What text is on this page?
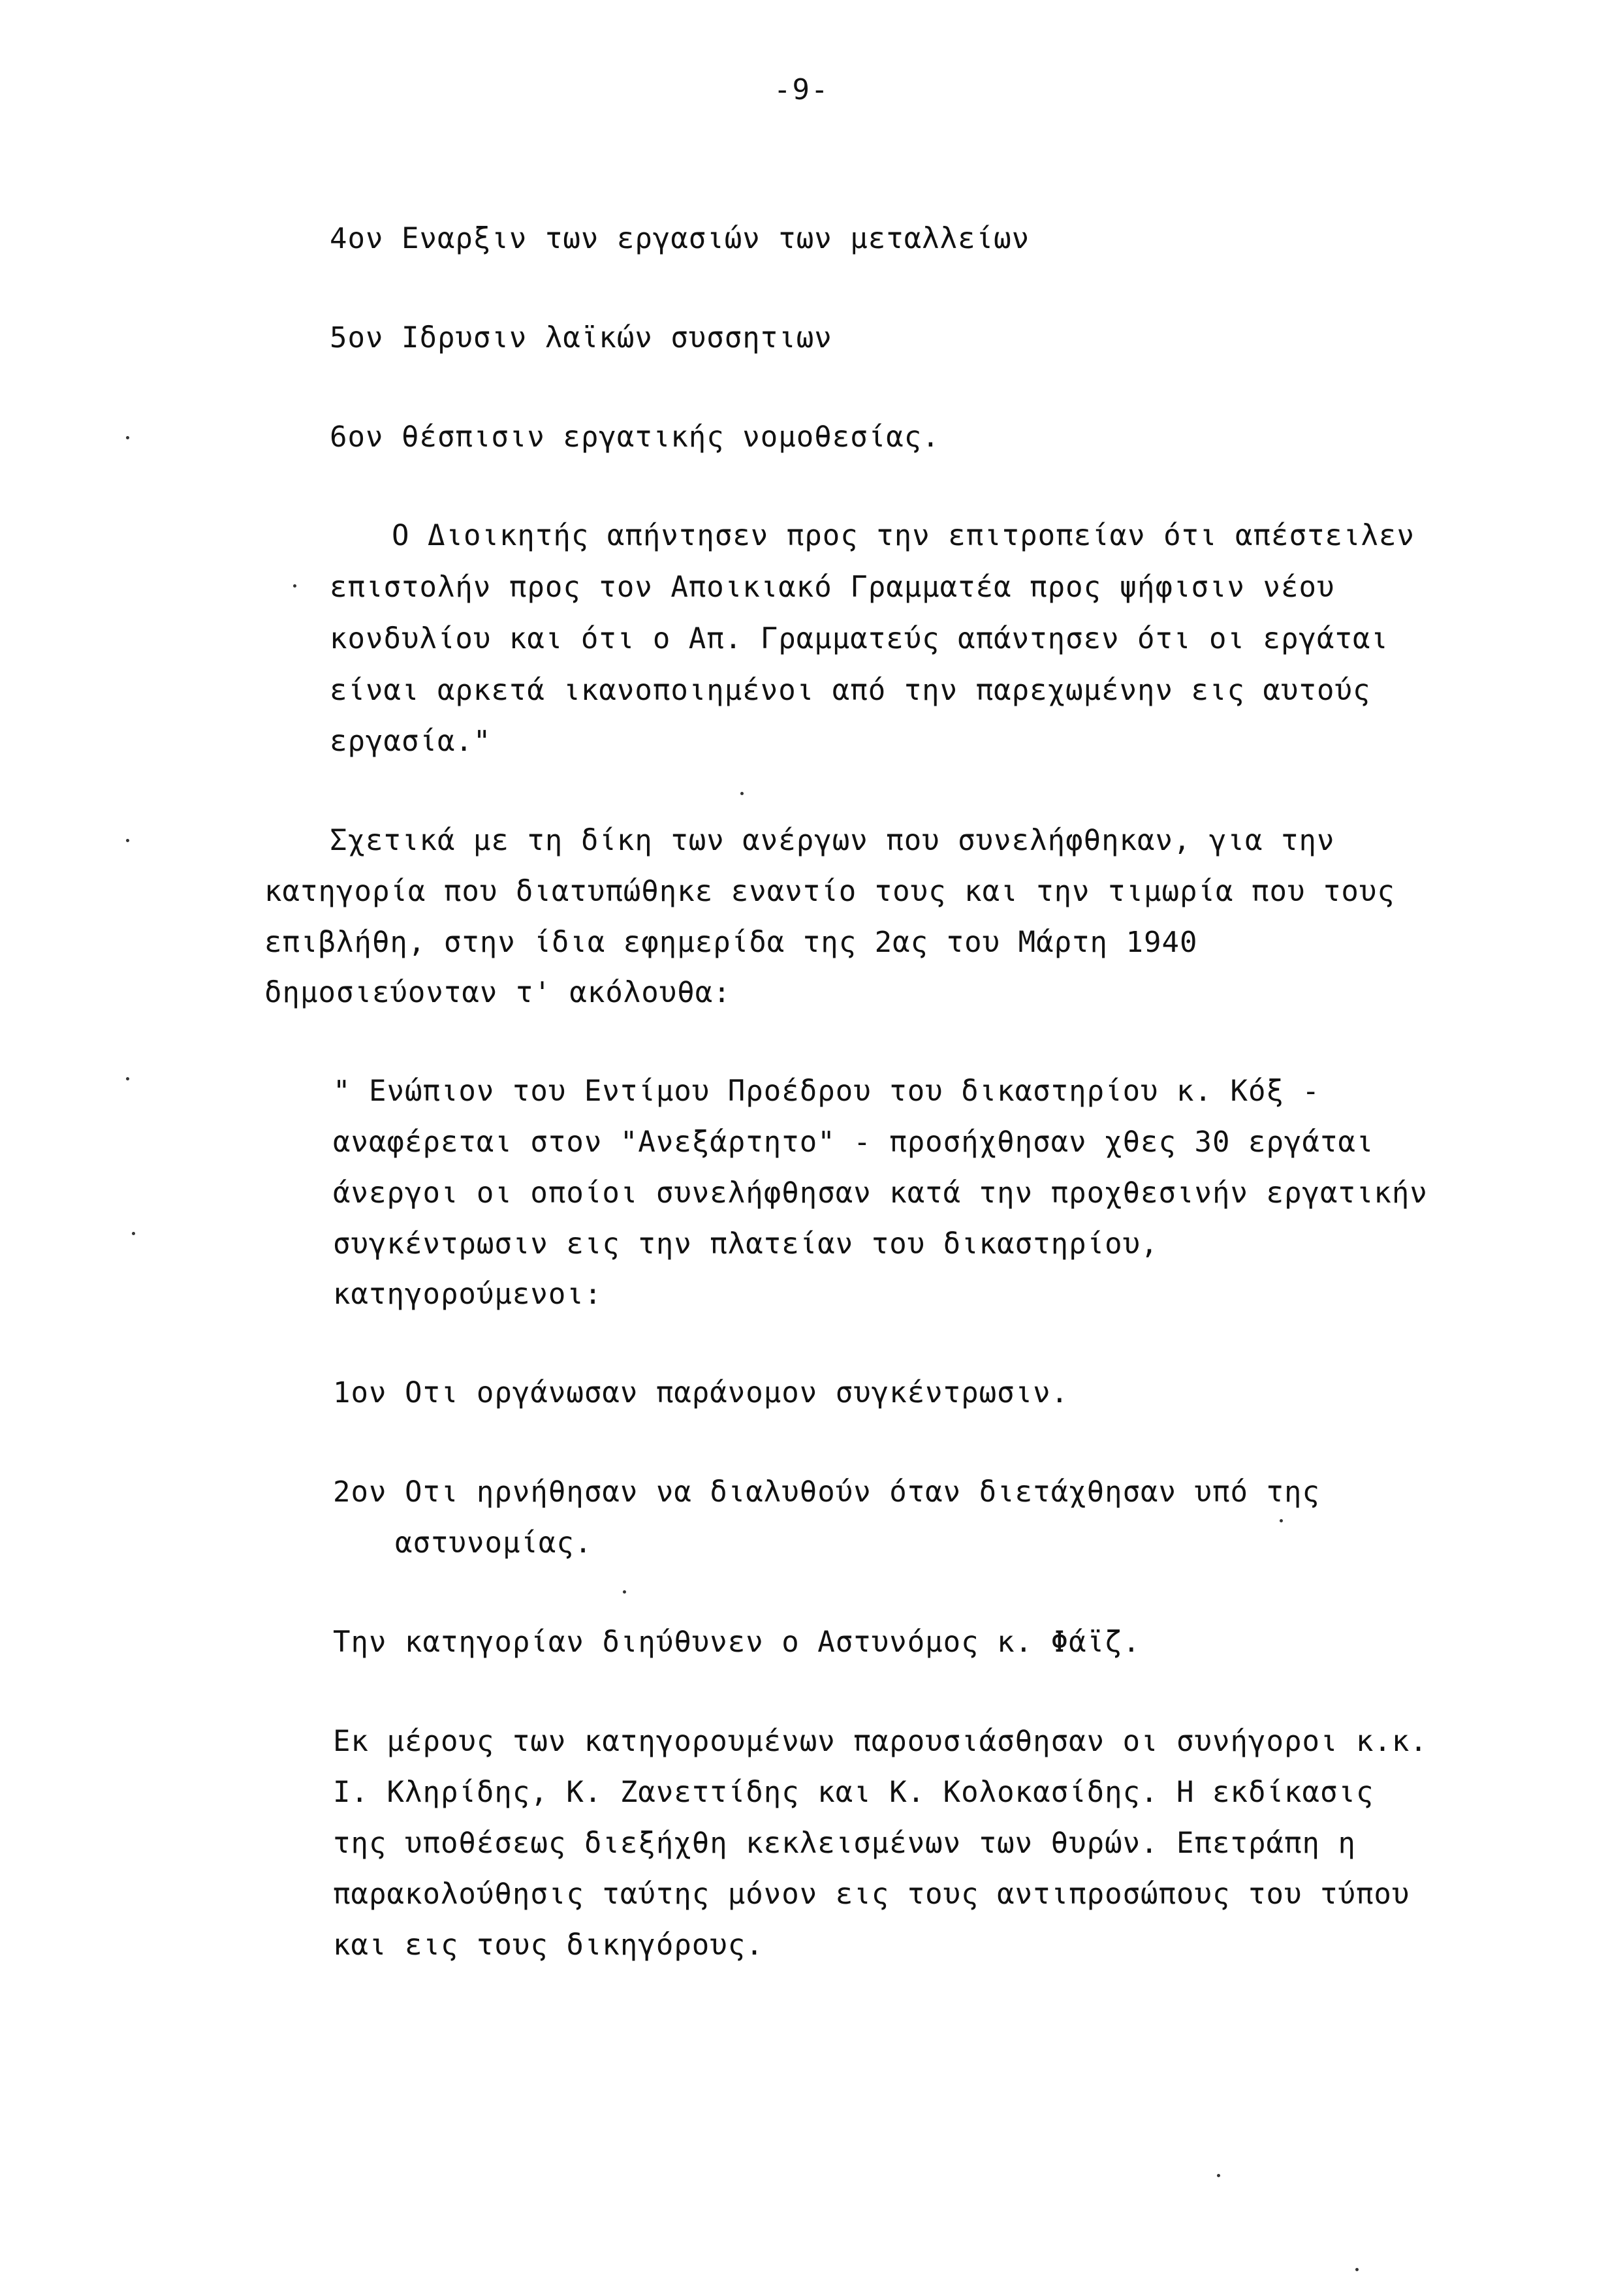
-9-
4ον Εναρξιν των εργασιών των μεταλλείων
5ον Ιδρυσιν λαϊκών συσσητιων
6ον θέσπισιν εργατικής νομοθεσίας.
Ο Διοικητής απήντησεν προς την επιτροπείαν ότι απέστειλεν
επιστολήν προς τον Αποικιακό Γραμματέα προς ψήφισιν νέου
κονδυλίου και ότι ο Απ. Γραμματεύς απάντησεν ότι οι εργάται
είναι αρκετά ικανοποιημένοι από την παρεχωμένην εις αυτούς
εργασία."
Σχετικά με τη δίκη των ανέργων που συνελήφθηκαν, για την
κατηγορία που διατυπώθηκε εναντίο τους και την τιμωρία που τους
επιβλήθη, στην ίδια εφημερίδα της 2ας του Μάρτη 1940
δημοσιεύονταν τ' ακόλουθα:
" Ενώπιον του Εντίμου Προέδρου του δικαστηρίου κ. Κόξ -
αναφέρεται στον "Ανεξάρτητο" - προσήχθησαν χθες 30 εργάται
άνεργοι οι οποίοι συνελήφθησαν κατά την προχθεσινήν εργατικήν
συγκέντρωσιν εις την πλατείαν του δικαστηρίου,
κατηγορούμενοι:
1ον Οτι οργάνωσαν παράνομον συγκέντρωσιν.
2ον Οτι ηρνήθησαν να διαλυθούν όταν διετάχθησαν υπό της
αστυνομίας.
Την κατηγορίαν διηύθυνεν ο Αστυνόμος κ. Φάϊζ.
Εκ μέρους των κατηγορουμένων παρουσιάσθησαν οι συνήγοροι κ.κ.
Ι. Κληρίδης, Κ. Ζανεττίδης και Κ. Κολοκασίδης. Η εκδίκασις
της υποθέσεως διεξήχθη κεκλεισμένων των θυρών. Επετράπη η
παρακολούθησις ταύτης μόνον εις τους αντιπροσώπους του τύπου
και εις τους δικηγόρους.
